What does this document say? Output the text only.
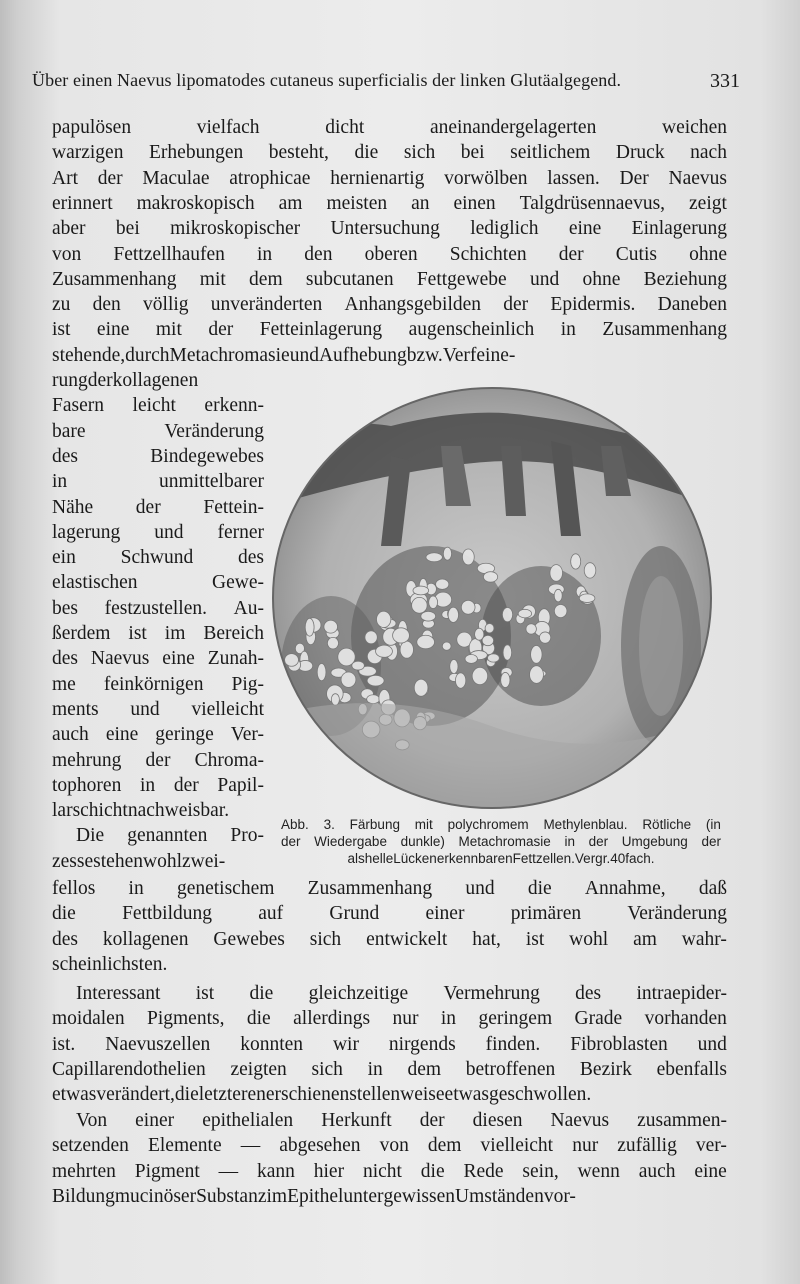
Über einen Naevus lipomatodes cutaneus superficialis der linken Glutäalgegend.	331
papulösen	vielfach	dicht	aneinandergelagerten	weichen
warzigen Erhebungen besteht, die sich bei seitlichem Druck nach
Art der Maculae atrophicae hernienartig vorwölben lassen. Der Naevus
erinnert makroskopisch am meisten an einen Talgdrüsennaevus, zeigt
aber bei mikroskopischer Untersuchung lediglich eine Einlagerung
von Fettzellhaufen in den oberen Schichten der Cutis ohne
Zusammenhang mit dem subcutanen Fettgewebe und ohne Beziehung
zu den völlig unveränderten Anhangsgebilden der Epidermis. Daneben
ist eine mit der Fetteinlagerung augenscheinlich in Zusammenhang
stehende, durch Metachromasie und Aufhebung bzw. Verfeine-
rungderkollagenen
Fasern leicht erkenn-
bare	Veränderung
des	Bindegewebes
in	unmittelbarer
Nähe der Fettein-
lagerung und ferner
ein Schwund des
elastischen	Gewe-
bes festzustellen. Au-
ßerdem ist im Bereich
des Naevus eine Zunah-
me feinkörnigen Pig-
ments und vielleicht
auch eine geringe Ver-
mehrung der Chroma-
tophoren in der Papil-
larschicht nachweisbar.
Die genannten Pro-
zesse stehen wohl zwei-
fellos in genetischem Zusammenhang und die Annahme, daß
die Fettbildung auf Grund einer primären Veränderung
des kollagenen Gewebes sich entwickelt hat, ist wohl am wahr-
scheinlichsten.
Interessant ist die gleichzeitige Vermehrung des intraepider-
moidalen Pigments, die allerdings nur in geringem Grade vorhanden
ist. Naevuszellen konnten wir nirgends finden. Fibroblasten und
Capillarendothelien zeigten sich in dem betroffenen Bezirk ebenfalls
etwas verändert, die letzteren erschienen stellenweise etwas geschwollen.
Von einer epithelialen Herkunft der diesen Naevus zusammen-
setzenden Elemente — abgesehen von dem vielleicht nur zufällig ver-
mehrten Pigment — kann hier nicht die Rede sein, wenn auch eine
Bildung mucinöser Substanz im Epithel unter gewissen Umständen vor-
Abb. 3. Färbung mit polychromem Methylenblau. Rötliche (in
der Wiedergabe dunkle) Metachromasie in der Umgebung der
als helle Lücken erkennbaren Fettzellen. Vergr. 40fach.
